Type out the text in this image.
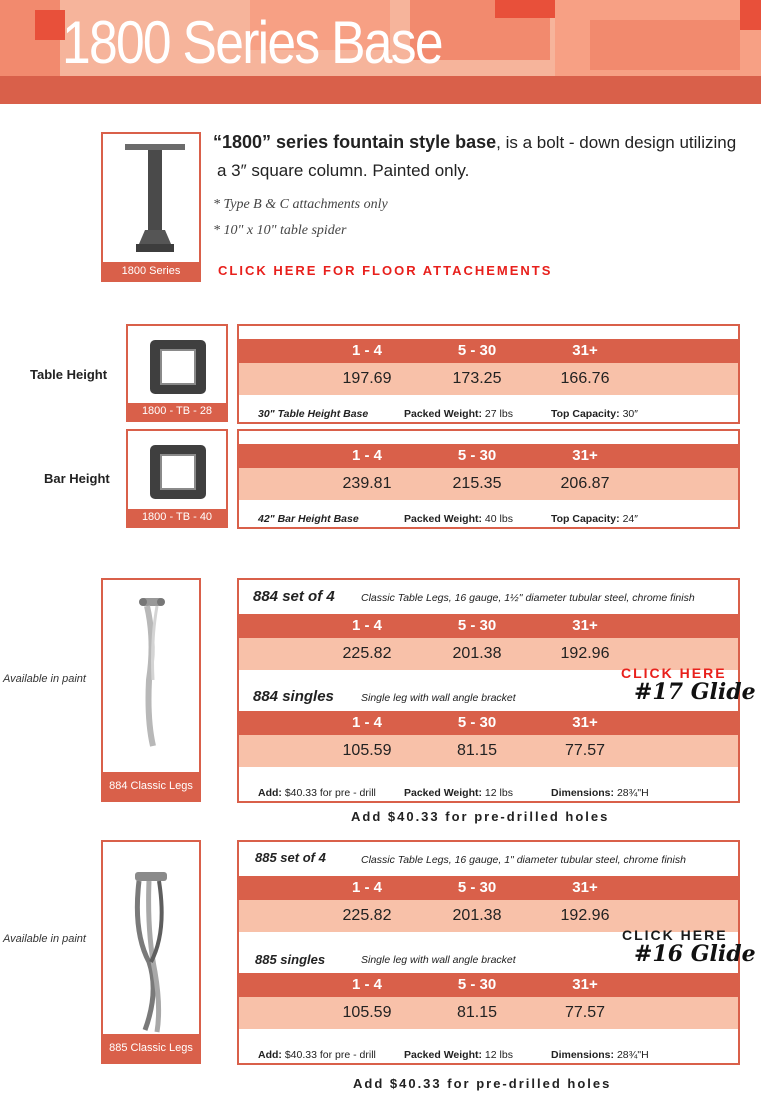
1800 Series Base
1800 Series
“1800” series fountain style base, is a bolt - down design utilizing
a 3″ square column. Painted only.
* Type B & C attachments only
* 10" x 10" table spider
CLICK HERE FOR FLOOR ATTACHEMENTS
Table Height
1800 - TB - 28
1 - 4	5 - 30	31+
197.69	173.25	166.76
30" Table Height Base	Packed Weight: 27 lbs	Top Capacity: 30″
Bar Height
1800 - TB - 40
1 - 4	5 - 30	31+
239.81	215.35	206.87
42" Bar Height Base	Packed Weight: 40 lbs	Top Capacity: 24″
Available in paint
884 Classic Legs
884 set of 4	Classic Table Legs, 16 gauge, 1½" diameter tubular steel, chrome finish
1 - 4	5 - 30	31+
225.82	201.38	192.96
CLICK HERE
#17 Glide
884 singles	Single leg with wall angle bracket
1 - 4	5 - 30	31+
105.59	81.15	77.57
Add: $40.33 for pre - drill	Packed Weight: 12 lbs	Dimensions: 28¾"H
Add $40.33 for pre-drilled holes
Available in paint
885 Classic Legs
885 set of 4	Classic Table Legs, 16 gauge, 1" diameter tubular steel, chrome finish
1 - 4	5 - 30	31+
225.82	201.38	192.96
CLICK HERE
#16 Glide
885 singles	Single leg with wall angle bracket
1 - 4	5 - 30	31+
105.59	81.15	77.57
Add: $40.33 for pre - drill	Packed Weight: 12 lbs	Dimensions: 28¾"H
Add $40.33 for pre-drilled holes
